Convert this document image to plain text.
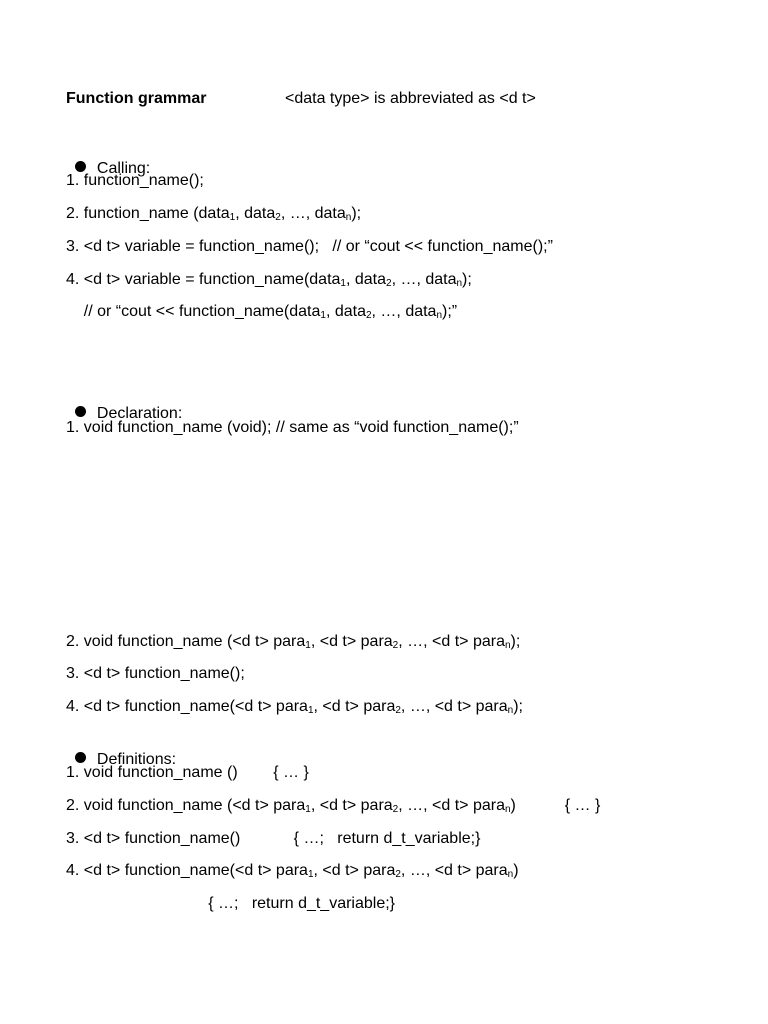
Function grammar	<data type> is abbreviated as <d t>

Calling:

1. function_name();
2. function_name (data$_1$, data$_2$, …, data$_n$);
3. <d t> variable = function_name();   // or “cout << function_name();”
4. <d t> variable = function_name(data$_1$, data$_2$, …, data$_n$);
// or “cout << function_name(data$_1$, data$_2$, …, data$_n$);”

Declaration:

1. void function_name (void); // same as “void function_name();”
2. void function_name (<d t> para$_1$, <d t> para$_2$, …, <d t> para$_n$);
3. <d t> function_name();
4. <d t> function_name(<d t> para$_1$, <d t> para$_2$, …, <d t> para$_n$);

Definitions:

1. void function_name ()        { … }
2. void function_name (<d t> para$_1$, <d t> para$_2$, …, <d t> para$_n$)           { … }
3. <d t> function_name()            { …;   return d_t_variable;}
4. <d t> function_name(<d t> para$_1$, <d t> para$_2$, …, <d t> para$_n$)
{ …;   return d_t_variable;}
